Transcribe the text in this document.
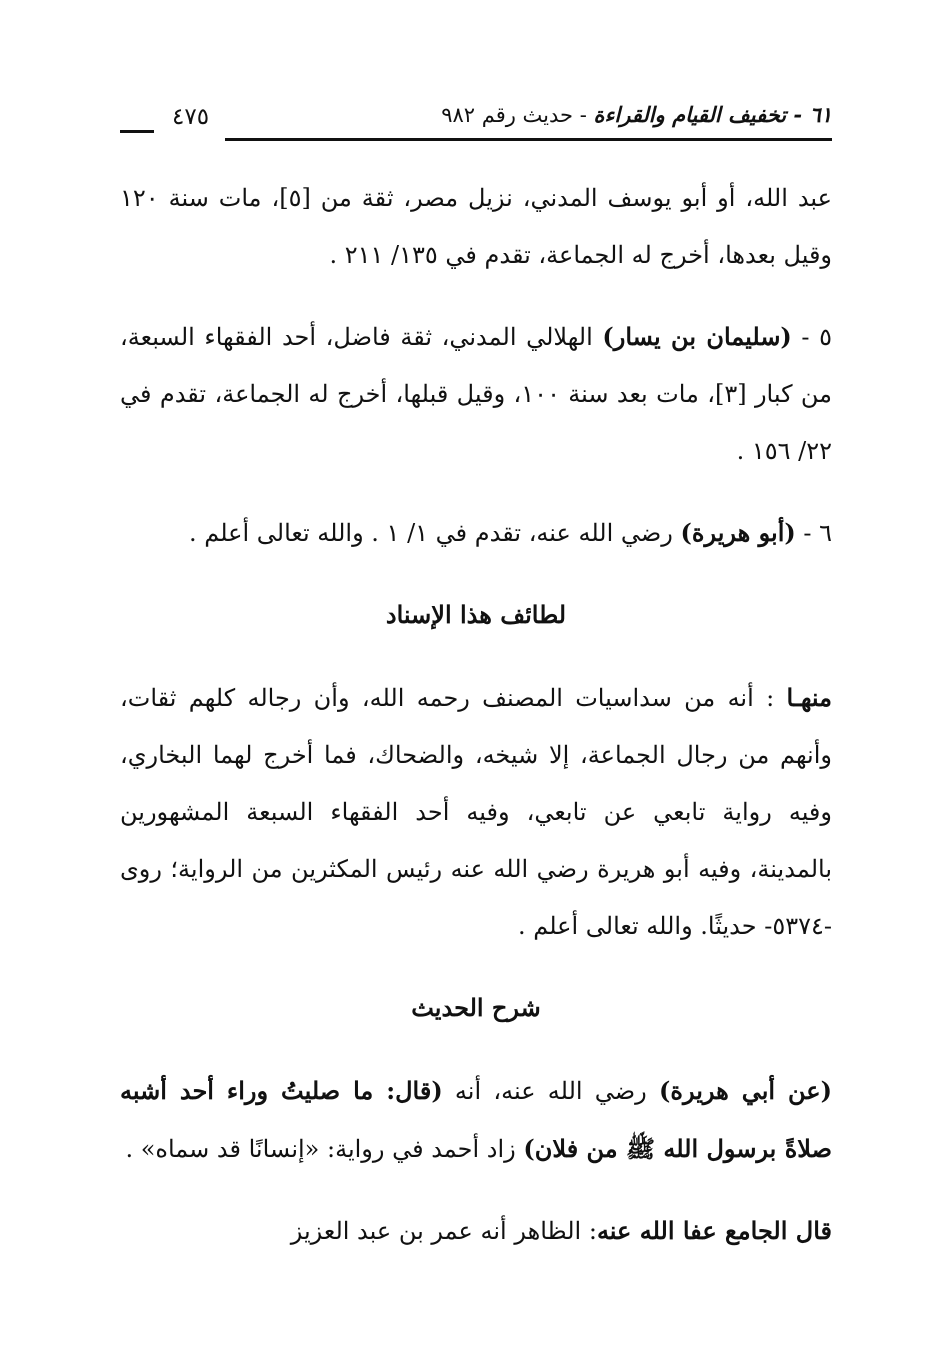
٤٧٥	٦١ - تخفيف القيام والقراءة - حديث رقم ٩٨٢

عبد الله، أو أبو يوسف المدني، نزيل مصر، ثقة من [٥]، مات سنة ١٢٠ وقيل بعدها، أخرج له الجماعة، تقدم في ١٣٥/ ٢١١ .

٥ - (سليمان بن يسار) الهلالي المدني، ثقة فاضل، أحد الفقهاء السبعة، من كبار [٣]، مات بعد سنة ١٠٠، وقيل قبلها، أخرج له الجماعة، تقدم في ٢٢/ ١٥٦ .

٦ - (أبو هريرة) رضي الله عنه، تقدم في ١/ ١ . والله تعالى أعلم .

لطائف هذا الإسناد

منهـا : أنه من سداسيات المصنف رحمه الله، وأن رجاله كلهم ثقات، وأنهم من رجال الجماعة، إلا شيخه، والضحاك، فما أخرج لهما البخاري، وفيه رواية تابعي عن تابعي، وفيه أحد الفقهاء السبعة المشهورين بالمدينة، وفيه أبو هريرة رضي الله عنه رئيس المكثرين من الرواية؛ روى -٥٣٧٤- حديثًا. والله تعالى أعلم .

شرح الحديث

(عن أبي هريرة) رضي الله عنه، أنه (قال: ما صليتُ وراء أحد أشبه صلاةً برسول الله ﷺ من فلان) زاد أحمد في رواية: «إنسانًا قد سماه» .

قال الجامع عفا الله عنه: الظاهر أنه عمر بن عبد العزيز
